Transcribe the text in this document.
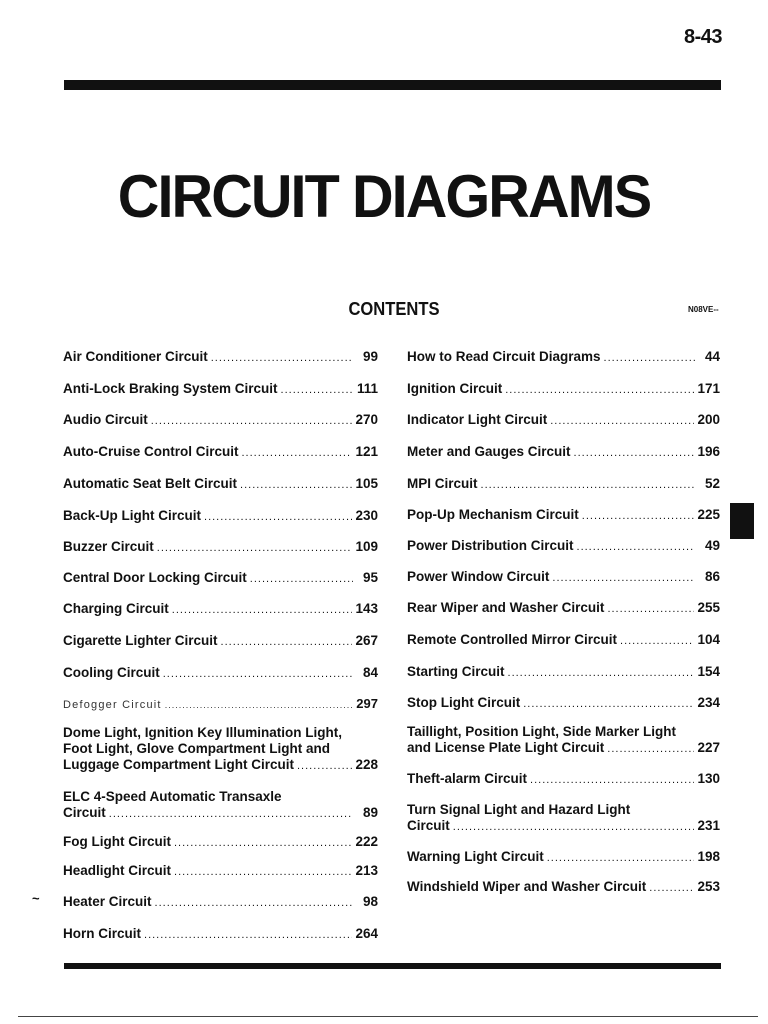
8-43
CIRCUIT DIAGRAMS
CONTENTS	N08VE--
~
Air Conditioner Circuit .....	99
Anti-Lock Braking System Circuit .....	111
Audio Circuit .....	270
Auto-Cruise Control Circuit .....	121
Automatic Seat Belt Circuit .....	105
Back-Up Light Circuit .....	230
Buzzer Circuit .....	109
Central Door Locking Circuit .....	95
Charging Circuit .....	143
Cigarette Lighter Circuit .....	267
Cooling Circuit .....	84
Defogger Circuit .....	297
Dome Light, Ignition Key Illumination Light,
Foot Light, Glove Compartment Light and
Luggage Compartment Light Circuit .....	228
ELC 4-Speed Automatic Transaxle
Circuit .....	89
Fog Light Circuit .....	222
Headlight Circuit .....	213
Heater Circuit .....	98
Horn Circuit .....	264
How to Read Circuit Diagrams .....	44
Ignition Circuit .....	171
Indicator Light Circuit .....	200
Meter and Gauges Circuit .....	196
MPI Circuit .....	52
Pop-Up Mechanism Circuit .....	225
Power Distribution Circuit .....	49
Power Window Circuit .....	86
Rear Wiper and Washer Circuit .....	255
Remote Controlled Mirror Circuit .....	104
Starting Circuit .....	154
Stop Light Circuit .....	234
Taillight, Position Light, Side Marker Light
and License Plate Light Circuit .....	227
Theft-alarm Circuit .....	130
Turn Signal Light and Hazard Light
Circuit .....	231
Warning Light Circuit .....	198
Windshield Wiper and Washer Circuit .....	253
